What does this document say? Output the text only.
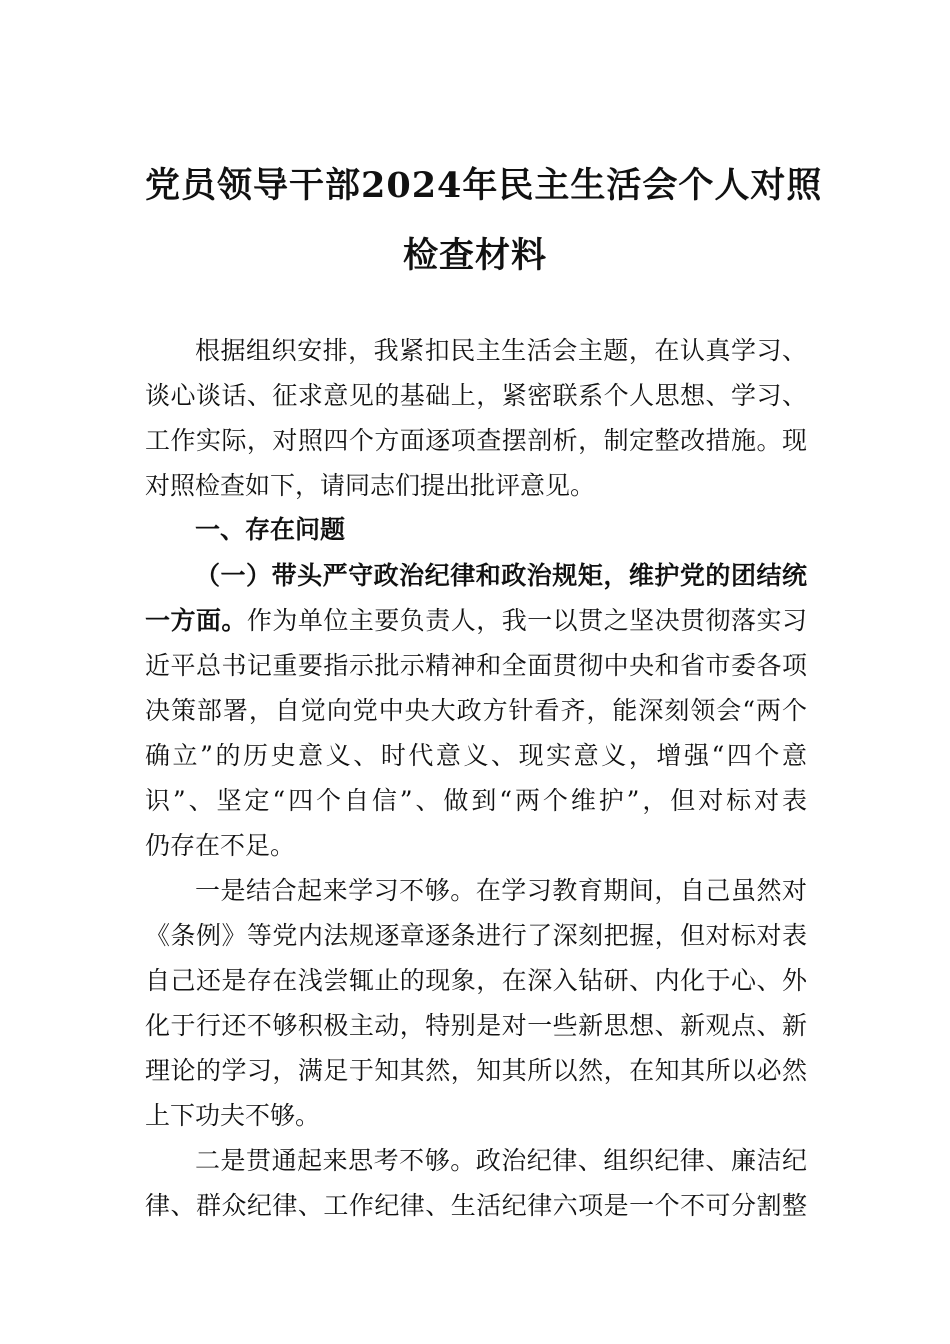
党员领导干部2024年民主生活会个人对照
检查材料
根据组织安排，我紧扣民主生活会主题，在认真学习、
谈心谈话、征求意见的基础上，紧密联系个人思想、学习、
工作实际，对照四个方面逐项查摆剖析，制定整改措施。现
对照检查如下，请同志们提出批评意见。
一、存在问题
（一）带头严守政治纪律和政治规矩，维护党的团结统
一方面。作为单位主要负责人，我一以贯之坚决贯彻落实习
近平总书记重要指示批示精神和全面贯彻中央和省市委各项
决策部署，自觉向党中央大政方针看齐，能深刻领会“两个
确立”的历史意义、时代意义、现实意义，增强“四个意
识”、坚定“四个自信”、做到“两个维护”，但对标对表
仍存在不足。
一是结合起来学习不够。在学习教育期间，自己虽然对
《条例》等党内法规逐章逐条进行了深刻把握，但对标对表
自己还是存在浅尝辄止的现象，在深入钻研、内化于心、外
化于行还不够积极主动，特别是对一些新思想、新观点、新
理论的学习，满足于知其然，知其所以然，在知其所以必然
上下功夫不够。
二是贯通起来思考不够。政治纪律、组织纪律、廉洁纪
律、群众纪律、工作纪律、生活纪律六项是一个不可分割整
